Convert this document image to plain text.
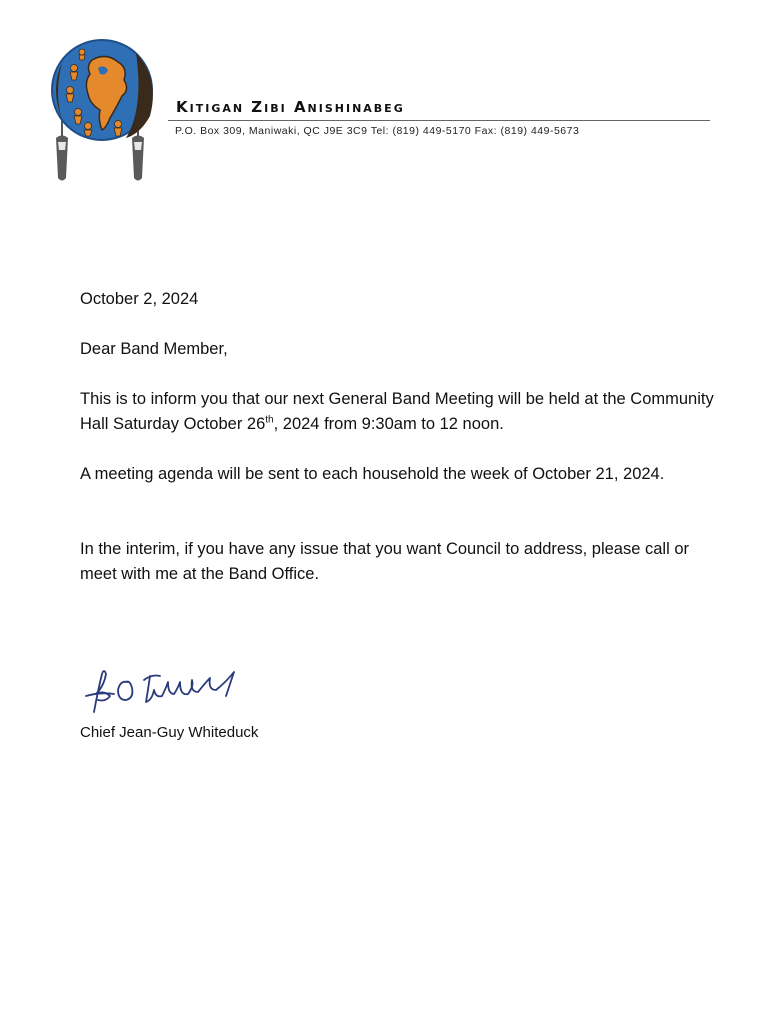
Kitigan Zibi Anishinabeg
P.O. Box 309, Maniwaki, QC J9E 3C9 Tel: (819) 449-5170 Fax: (819) 449-5673

October 2, 2024

Dear Band Member,

This is to inform you that our next General Band Meeting will be held at the Community Hall Saturday October 26th, 2024 from 9:30am to 12 noon.

A meeting agenda will be sent to each household the week of October 21, 2024.

In the interim, if you have any issue that you want Council to address, please call or meet with me at the Band Office.

Chief Jean-Guy Whiteduck
